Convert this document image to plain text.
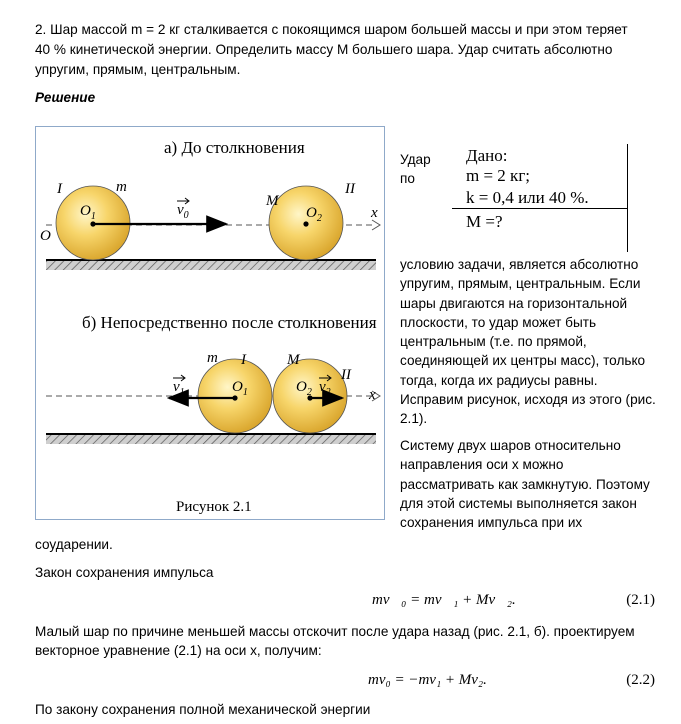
2. Шар массой m = 2 кг сталкивается с покоящимся шаром большей массы и при этом теряет
40 % кинетической энергии. Определить массу M большего шара. Удар считать абсолютно
упругим, прямым, центральным.
Решение
а) До столкновения
I	m
$O_1$
O
$v_0$
M
$O_2$
II
x
б) Непосредственно после столкновения
m I	M
II
$v_1$	$O_1$	$O_2$ $v_2$	x
Рисунок 2.1
Удар
по
Дано:
m = 2 кг;
k = 0,4 или 40 %.
M =?
условию задачи, является абсолютно
упругим, прямым, центральным. Если
шары двигаются на горизонтальной
плоскости, то удар может быть
центральным (т.е. по прямой,
соединяющей их центры масс), только
тогда, когда их радиусы равны.
Исправим рисунок, исходя из этого (рис.
2.1).
Системy двух шаров относительно
направления оси x можно
рассматривать как замкнутую. Поэтому
для этой системы выполняется закон
сохранения импульса при их
соударении.
Закон сохранения импульса
mv⃗₀ = mv⃗₁ + Mv⃗₂.	(2.1)
Малый шар по причине меньшей массы отскочит после удара назад (рис. 2.1, б). проектируем
векторное уравнение (2.1) на оси x, получим:
mv₀ = −mv₁ + Mv₂.	(2.2)
По закону сохранения полной механической энергии
